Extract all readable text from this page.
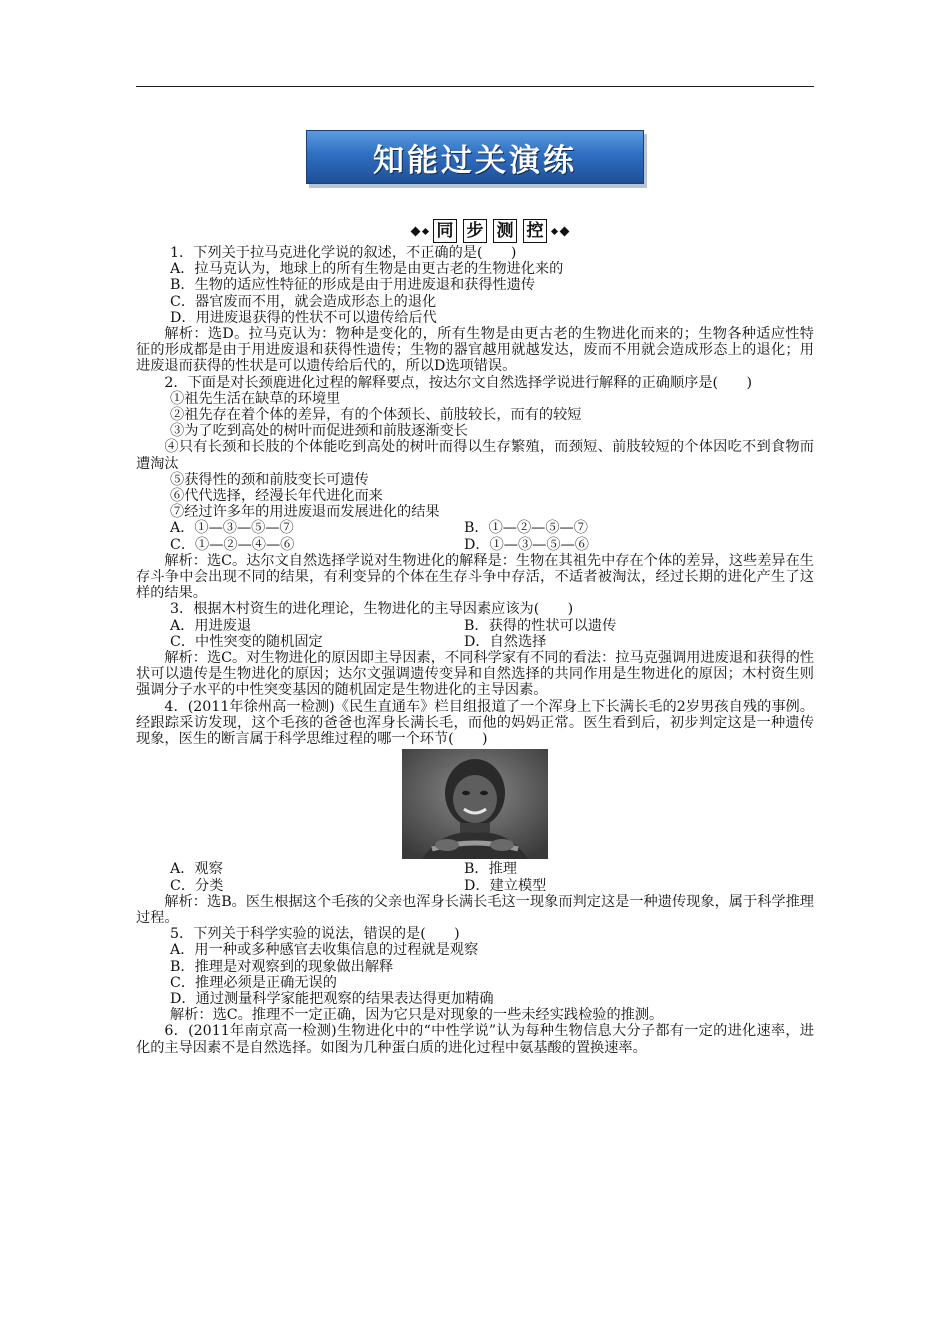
知能过关演练
同 步 测 控

1．下列关于拉马克进化学说的叙述，不正确的是(　　)

A．拉马克认为，地球上的所有生物是由更古老的生物进化来的

B．生物的适应性特征的形成是由于用进废退和获得性遗传

C．器官废而不用，就会造成形态上的退化

D．用进废退获得的性状不可以遗传给后代

解析：选D。拉马克认为：物种是变化的，所有生物是由更古老的生物进化而来的；生物各种适应性特征的形成都是由于用进废退和获得性遗传；生物的器官越用就越发达，废而不用就会造成形态上的退化；用进废退而获得的性状是可以遗传给后代的，所以D选项错误。

2．下面是对长颈鹿进化过程的解释要点，按达尔文自然选择学说进行解释的正确顺序是(　　)

①祖先生活在缺草的环境里

②祖先存在着个体的差异，有的个体颈长、前肢较长，而有的较短

③为了吃到高处的树叶而促进颈和前肢逐渐变长

④只有长颈和长肢的个体能吃到高处的树叶而得以生存繁殖，而颈短、前肢较短的个体因吃不到食物而遭淘汰

⑤获得性的颈和前肢变长可遗传

⑥代代选择，经漫长年代进化而来

⑦经过许多年的用进废退而发展进化的结果

A．①—③—⑤—⑦	B．①—②—⑤—⑦
C．①—②—④—⑥	D．①—③—⑤—⑥

解析：选C。达尔文自然选择学说对生物进化的解释是：生物在其祖先中存在个体的差异，这些差异在生存斗争中会出现不同的结果，有利变异的个体在生存斗争中存活，不适者被淘汰，经过长期的进化产生了这样的结果。

3．根据木村资生的进化理论，生物进化的主导因素应该为(　　)

A．用进废退	B．获得的性状可以遗传
C．中性突变的随机固定	D．自然选择

解析：选C。对生物进化的原因即主导因素，不同科学家有不同的看法：拉马克强调用进废退和获得的性状可以遗传是生物进化的原因；达尔文强调遗传变异和自然选择的共同作用是生物进化的原因；木村资生则强调分子水平的中性突变基因的随机固定是生物进化的主导因素。

4．(2011年徐州高一检测)《民生直通车》栏目组报道了一个浑身上下长满长毛的2岁男孩自残的事例。经跟踪采访发现，这个毛孩的爸爸也浑身长满长毛，而他的妈妈正常。医生看到后，初步判定这是一种遗传现象，医生的断言属于科学思维过程的哪一个环节(　　)

A．观察	B．推理
C．分类	D．建立模型

解析：选B。医生根据这个毛孩的父亲也浑身长满长毛这一现象而判定这是一种遗传现象，属于科学推理过程。

5．下列关于科学实验的说法，错误的是(　　)

A．用一种或多种感官去收集信息的过程就是观察

B．推理是对观察到的现象做出解释

C．推理必须是正确无误的

D．通过测量科学家能把观察的结果表达得更加精确

解析：选C。推理不一定正确，因为它只是对现象的一些未经实践检验的推测。

6．(2011年南京高一检测)生物进化中的“中性学说”认为每种生物信息大分子都有一定的进化速率，进化的主导因素不是自然选择。如图为几种蛋白质的进化过程中氨基酸的置换速率。
